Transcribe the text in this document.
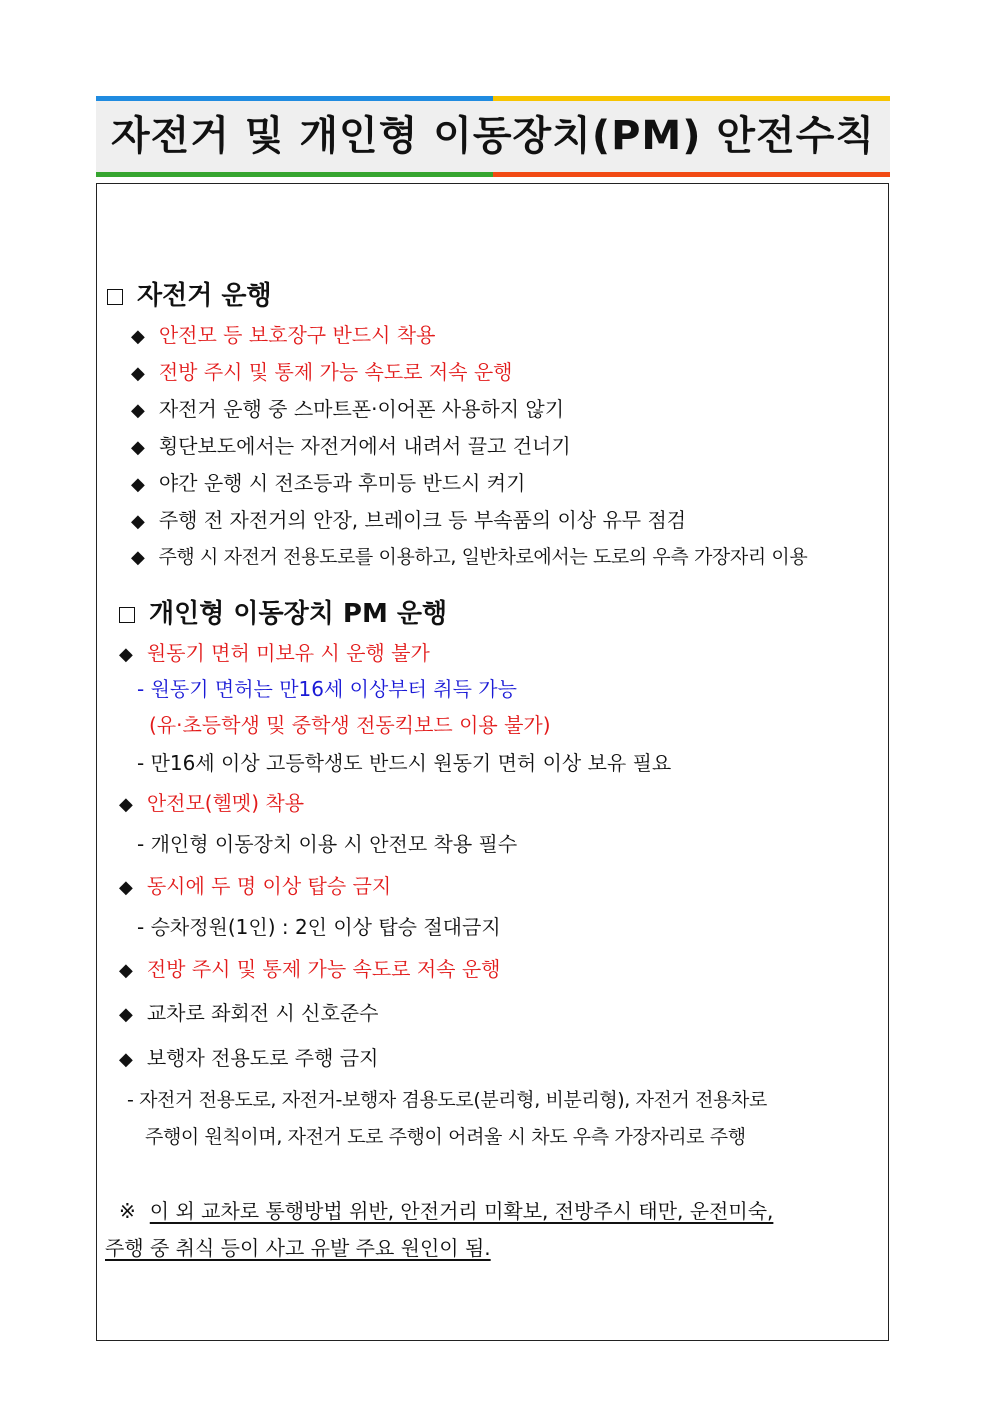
자전거 및 개인형 이동장치(PM) 안전수칙
자전거 운행
◆ 안전모 등 보호장구 반드시 착용
◆ 전방 주시 및 통제 가능 속도로 저속 운행
◆ 자전거 운행 중 스마트폰·이어폰 사용하지 않기
◆ 횡단보도에서는 자전거에서 내려서 끌고 건너기
◆ 야간 운행 시 전조등과 후미등 반드시 켜기
◆ 주행 전 자전거의 안장, 브레이크 등 부속품의 이상 유무 점검
◆ 주행 시 자전거 전용도로를 이용하고, 일반차로에서는 도로의 우측 가장자리 이용
개인형 이동장치 PM 운행
◆ 원동기 면허 미보유 시 운행 불가
- 원동기 면허는 만16세 이상부터 취득 가능
(유·초등학생 및 중학생 전동킥보드 이용 불가)
- 만16세 이상 고등학생도 반드시 원동기 면허 이상 보유 필요
◆ 안전모(헬멧) 착용
- 개인형 이동장치 이용 시 안전모 착용 필수
◆ 동시에 두 명 이상 탑승 금지
- 승차정원(1인) : 2인 이상 탑승 절대금지
◆ 전방 주시 및 통제 가능 속도로 저속 운행
◆ 교차로 좌회전 시 신호준수
◆ 보행자 전용도로 주행 금지
- 자전거 전용도로, 자전거-보행자 겸용도로(분리형, 비분리형), 자전거 전용차로
주행이 원칙이며, 자전거 도로 주행이 어려울 시 차도 우측 가장자리로 주행
※ 이 외 교차로 통행방법 위반, 안전거리 미확보, 전방주시 태만, 운전미숙,
주행 중 취식 등이 사고 유발 주요 원인이 됨.
